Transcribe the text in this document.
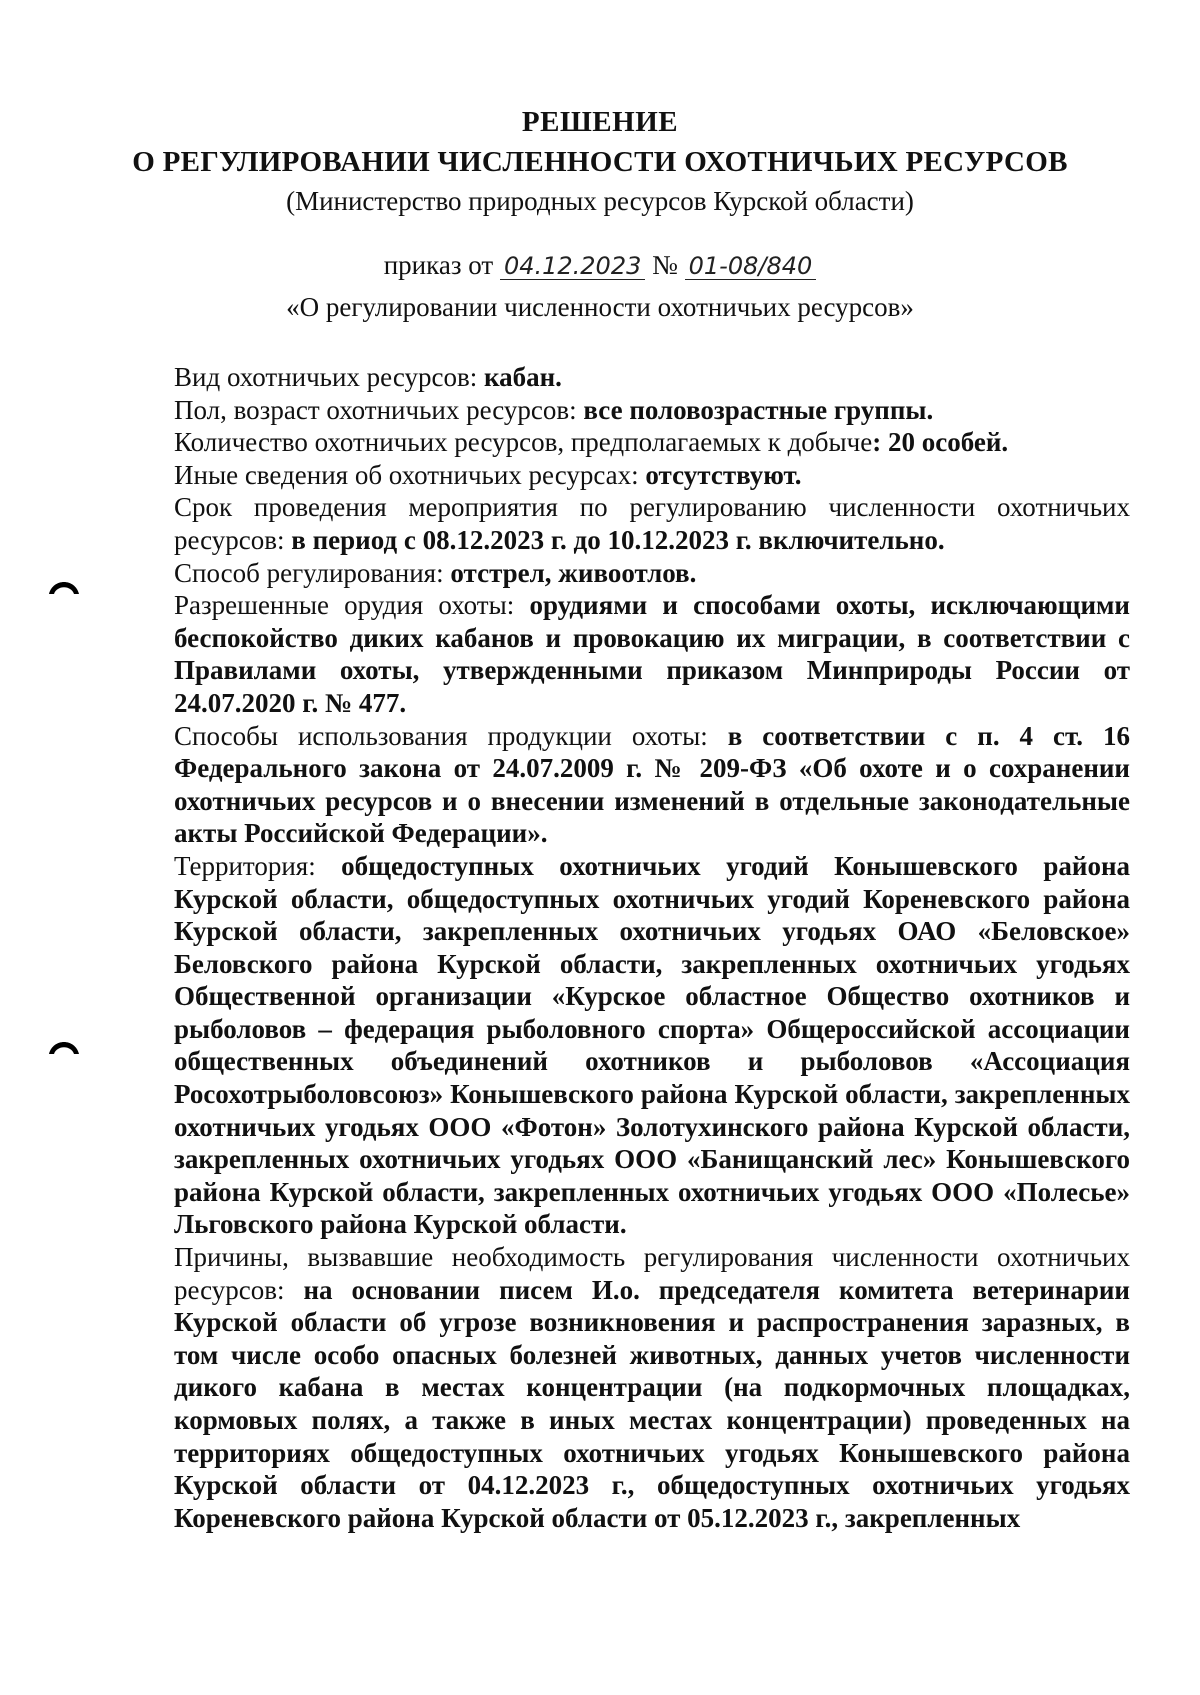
РЕШЕНИЕ
О РЕГУЛИРОВАНИИ ЧИСЛЕННОСТИ ОХОТНИЧЬИХ РЕСУРСОВ
(Министерство природных ресурсов Курской области)
приказ от 04.12.2023 № 01-08/840
«О регулировании численности охотничьих ресурсов»

Вид охотничьих ресурсов: кабан.

Пол, возраст охотничьих ресурсов: все половозрастные группы.

Количество охотничьих ресурсов, предполагаемых к добыче: 20 особей.

Иные сведения об охотничьих ресурсах: отсутствуют.

Срок проведения мероприятия по регулированию численности охотничьих ресурсов: в период с 08.12.2023 г. до 10.12.2023 г. включительно.

Способ регулирования: отстрел, живоотлов.

Разрешенные орудия охоты: орудиями и способами охоты, исключающими беспокойство диких кабанов и провокацию их миграции, в соответствии с Правилами охоты, утвержденными приказом Минприроды России от 24.07.2020 г. № 477.

Способы использования продукции охоты: в соответствии с п. 4 ст. 16 Федерального закона от 24.07.2009 г. № 209-ФЗ «Об охоте и о сохранении охотничьих ресурсов и о внесении изменений в отдельные законодательные акты Российской Федерации».

Территория: общедоступных охотничьих угодий Конышевского района Курской области, общедоступных охотничьих угодий Кореневского района Курской области, закрепленных охотничьих угодьях ОАО «Беловское» Беловского района Курской области, закрепленных охотничьих угодьях Общественной организации «Курское областное Общество охотников и рыболовов – федерация рыболовного спорта» Общероссийской ассоциации общественных объединений охотников и рыболовов «Ассоциация Росохотрыболовсоюз» Конышевского района Курской области, закрепленных охотничьих угодьях ООО «Фотон» Золотухинского района Курской области, закрепленных охотничьих угодьях ООО «Банищанский лес» Конышевского района Курской области, закрепленных охотничьих угодьях ООО «Полесье» Льговского района Курской области.

Причины, вызвавшие необходимость регулирования численности охотничьих ресурсов: на основании писем И.о. председателя комитета ветеринарии Курской области об угрозе возникновения и распространения заразных, в том числе особо опасных болезней животных, данных учетов численности дикого кабана в местах концентрации (на подкормочных площадках, кормовых полях, а также в иных местах концентрации) проведенных на территориях общедоступных охотничьих угодьях Конышевского района Курской области от 04.12.2023 г., общедоступных охотничьих угодьях Кореневского района Курской области от 05.12.2023 г., закрепленных
